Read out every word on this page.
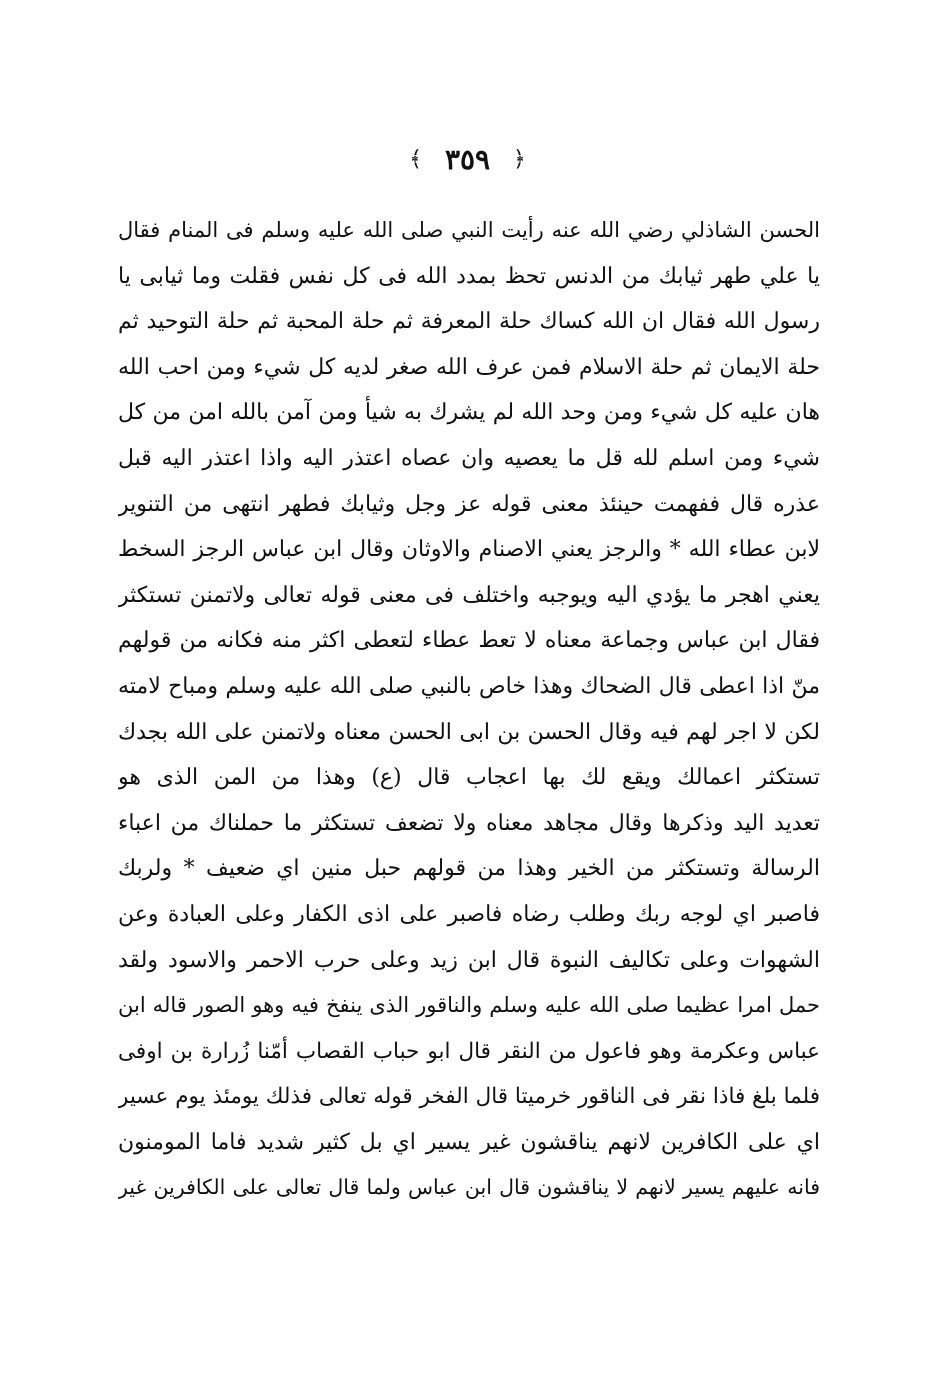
﴿ ٣٥٩ ﴾
الحسن الشاذلي رضي الله عنه رأيت النبي صلى الله عليه وسلم فى المنام فقال
يا علي طهر ثيابك من الدنس تحظ بمدد الله فى كل نفس فقلت وما ثيابى يا
رسول الله فقال ان الله كساك حلة المعرفة ثم حلة المحبة ثم حلة التوحيد ثم
حلة الايمان ثم حلة الاسلام فمن عرف الله صغر لديه كل شيء ومن احب الله
هان عليه كل شيء ومن وحد الله لم يشرك به شيأ ومن آمن بالله امن من كل
شيء ومن اسلم لله قل ما يعصيه وان عصاه اعتذر اليه واذا اعتذر اليه قبل
عذره قال ففهمت حينئذ معنى قوله عز وجل وثيابك فطهر انتهى من التنوير
لابن عطاء الله * والرجز يعني الاصنام والاوثان وقال ابن عباس الرجز السخط
يعني اهجر ما يؤدي اليه ويوجبه واختلف فى معنى قوله تعالى ولاتمنن تستكثر
فقال ابن عباس وجماعة معناه لا تعط عطاء لتعطى اكثر منه فكانه من قولهم
منّ اذا اعطى قال الضحاك وهذا خاص بالنبي صلى الله عليه وسلم ومباح لامته
لكن لا اجر لهم فيه وقال الحسن بن ابى الحسن معناه ولاتمنن على الله بجدك
تستكثر اعمالك ويقع لك بها اعجاب قال (ع) وهذا من المن الذى هو
تعديد اليد وذكرها وقال مجاهد معناه ولا تضعف تستكثر ما حملناك من اعباء
الرسالة وتستكثر من الخير وهذا من قولهم حبل منين اي ضعيف * ولربك
فاصبر اي لوجه ربك وطلب رضاه فاصبر على اذى الكفار وعلى العبادة وعن
الشهوات وعلى تكاليف النبوة قال ابن زيد وعلى حرب الاحمر والاسود ولقد
حمل امرا عظيما صلى الله عليه وسلم والناقور الذى ينفخ فيه وهو الصور قاله ابن
عباس وعكرمة وهو فاعول من النقر قال ابو حباب القصاب أمّنا زُرارة بن اوفى
فلما بلغ فاذا نقر فى الناقور خرميتا قال الفخر قوله تعالى فذلك يومئذ يوم عسير
اي على الكافرين لانهم يناقشون غير يسير اي بل كثير شديد فاما المومنون
فانه عليهم يسير لانهم لا يناقشون قال ابن عباس ولما قال تعالى على الكافرين غير
